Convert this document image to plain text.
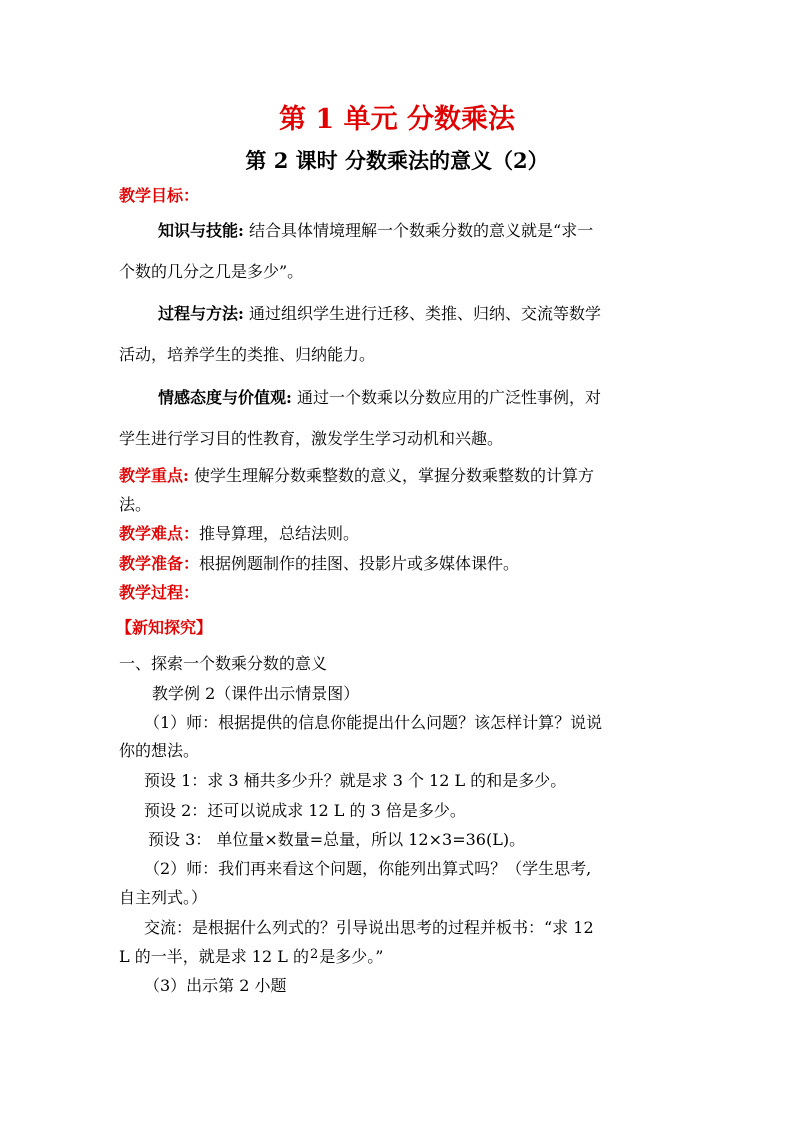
第 1 单元 分数乘法
第 2 课时 分数乘法的意义（2）
教学目标：
知识与技能: 结合具体情境理解一个数乘分数的意义就是“求一
个数的几分之几是多少”。
过程与方法: 通过组织学生进行迁移、类推、归纳、交流等数学
活动，培养学生的类推、归纳能力。
情感态度与价值观: 通过一个数乘以分数应用的广泛性事例，对
学生进行学习目的性教育，激发学生学习动机和兴趣。
教学重点: 使学生理解分数乘整数的意义，掌握分数乘整数的计算方
法。
教学难点：推导算理，总结法则。
教学准备：根据例题制作的挂图、投影片或多媒体课件。
教学过程：
【新知探究】
一、探索一个数乘分数的意义
教学例 2（课件出示情景图）
（1）师：根据提供的信息你能提出什么问题？该怎样计算？说说
你的想法。
预设 1：求 3 桶共多少升？就是求 3 个 12 L 的和是多少。
预设 2：还可以说成求 12 L 的 3 倍是多少。
预设 3： 单位量×数量=总量，所以 12×3=36(L)。
（2）师：我们再来看这个问题，你能列出算式吗？（学生思考,
自主列式。）
交流：是根据什么列式的？引导说出思考的过程并板书：“求 12
L 的一半，就是求 12 L 的$^2$是多少。”
（3）出示第 2 小题
